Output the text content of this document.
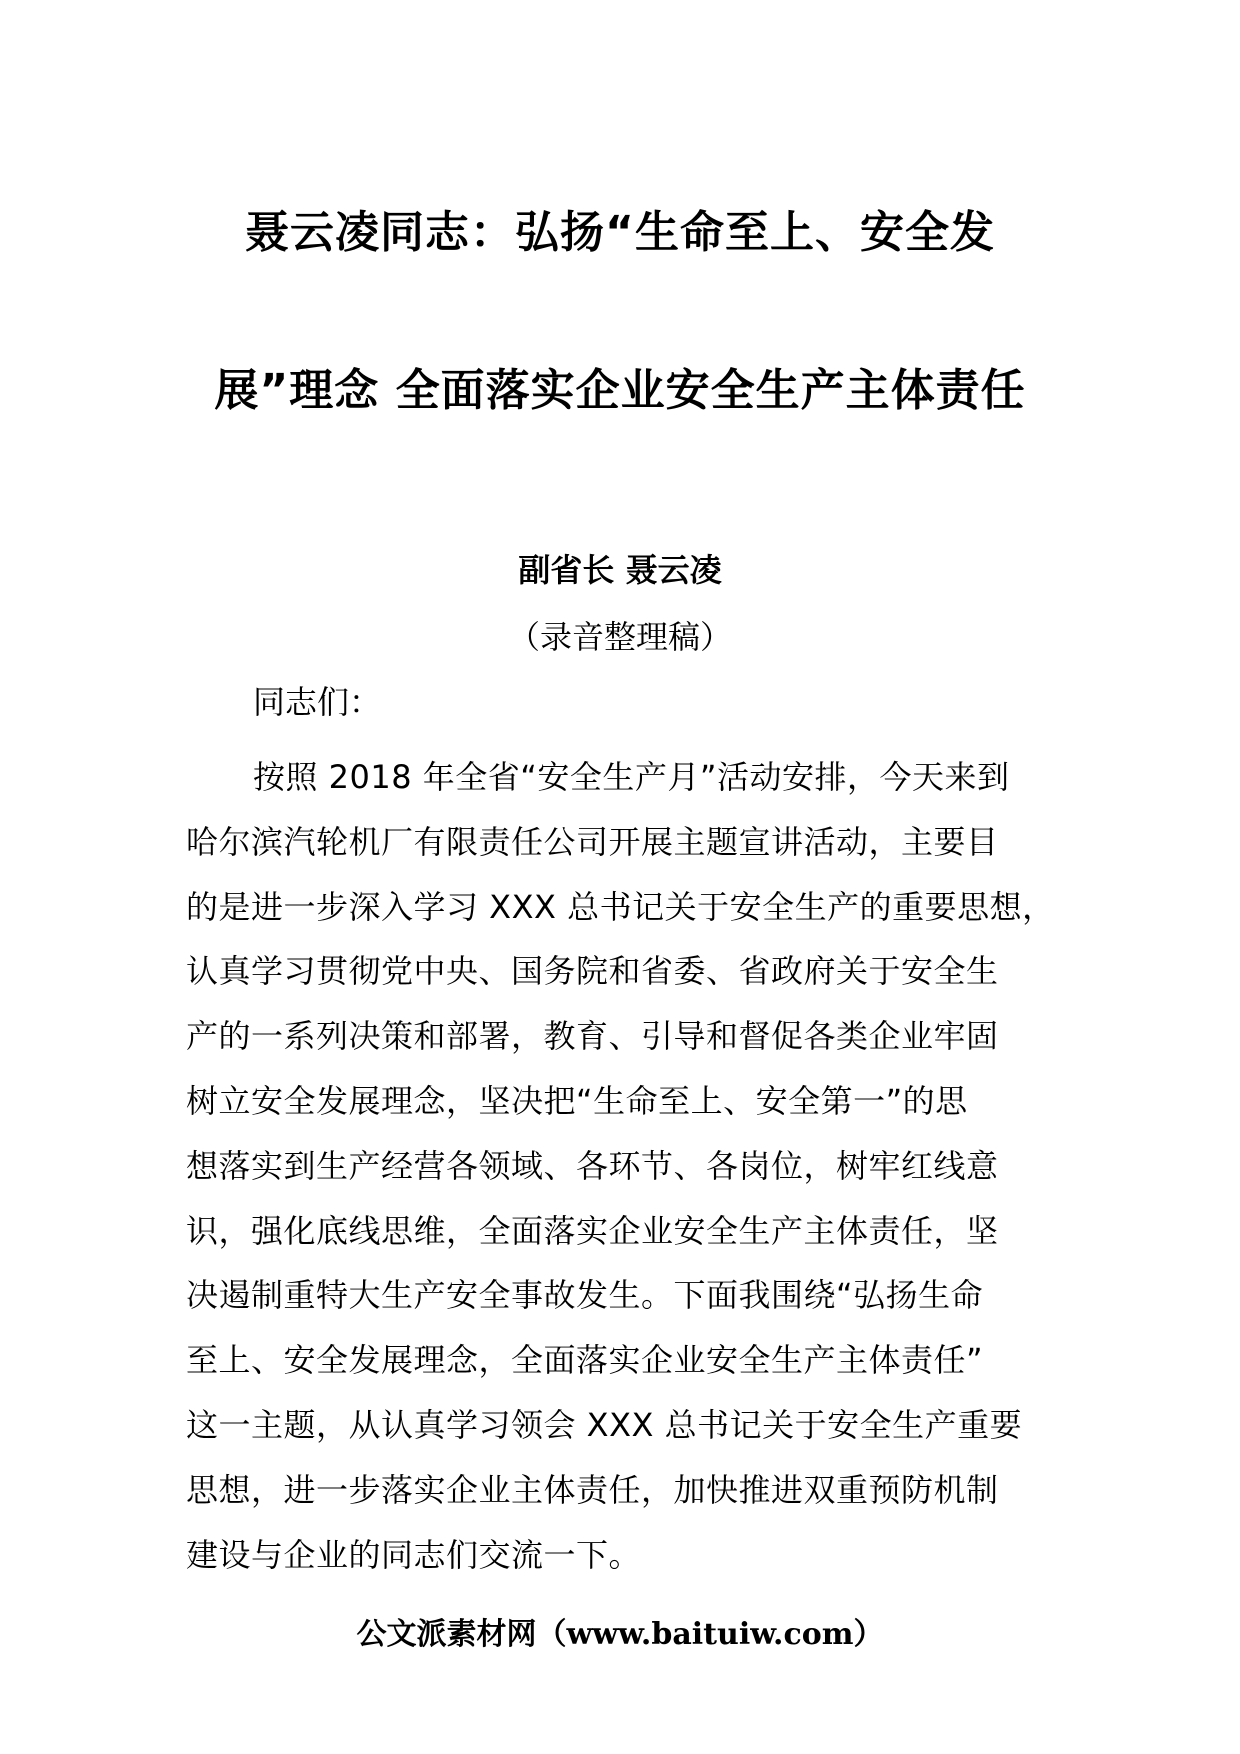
聂云凌同志：弘扬“生命至上、安全发
展”理念 全面落实企业安全生产主体责任
副省长 聂云凌
（录音整理稿）
同志们：
按照 2018 年全省“安全生产月”活动安排，今天来到
哈尔滨汽轮机厂有限责任公司开展主题宣讲活动，主要目
的是进一步深入学习 XXX 总书记关于安全生产的重要思想，
认真学习贯彻党中央、国务院和省委、省政府关于安全生
产的一系列决策和部署，教育、引导和督促各类企业牢固
树立安全发展理念，坚决把“生命至上、安全第一”的思
想落实到生产经营各领域、各环节、各岗位，树牢红线意
识，强化底线思维，全面落实企业安全生产主体责任，坚
决遏制重特大生产安全事故发生。下面我围绕“弘扬生命
至上、安全发展理念，全面落实企业安全生产主体责任”
这一主题，从认真学习领会 XXX 总书记关于安全生产重要
思想，进一步落实企业主体责任，加快推进双重预防机制
建设与企业的同志们交流一下。
公文派素材网（www.baituiw.com）
